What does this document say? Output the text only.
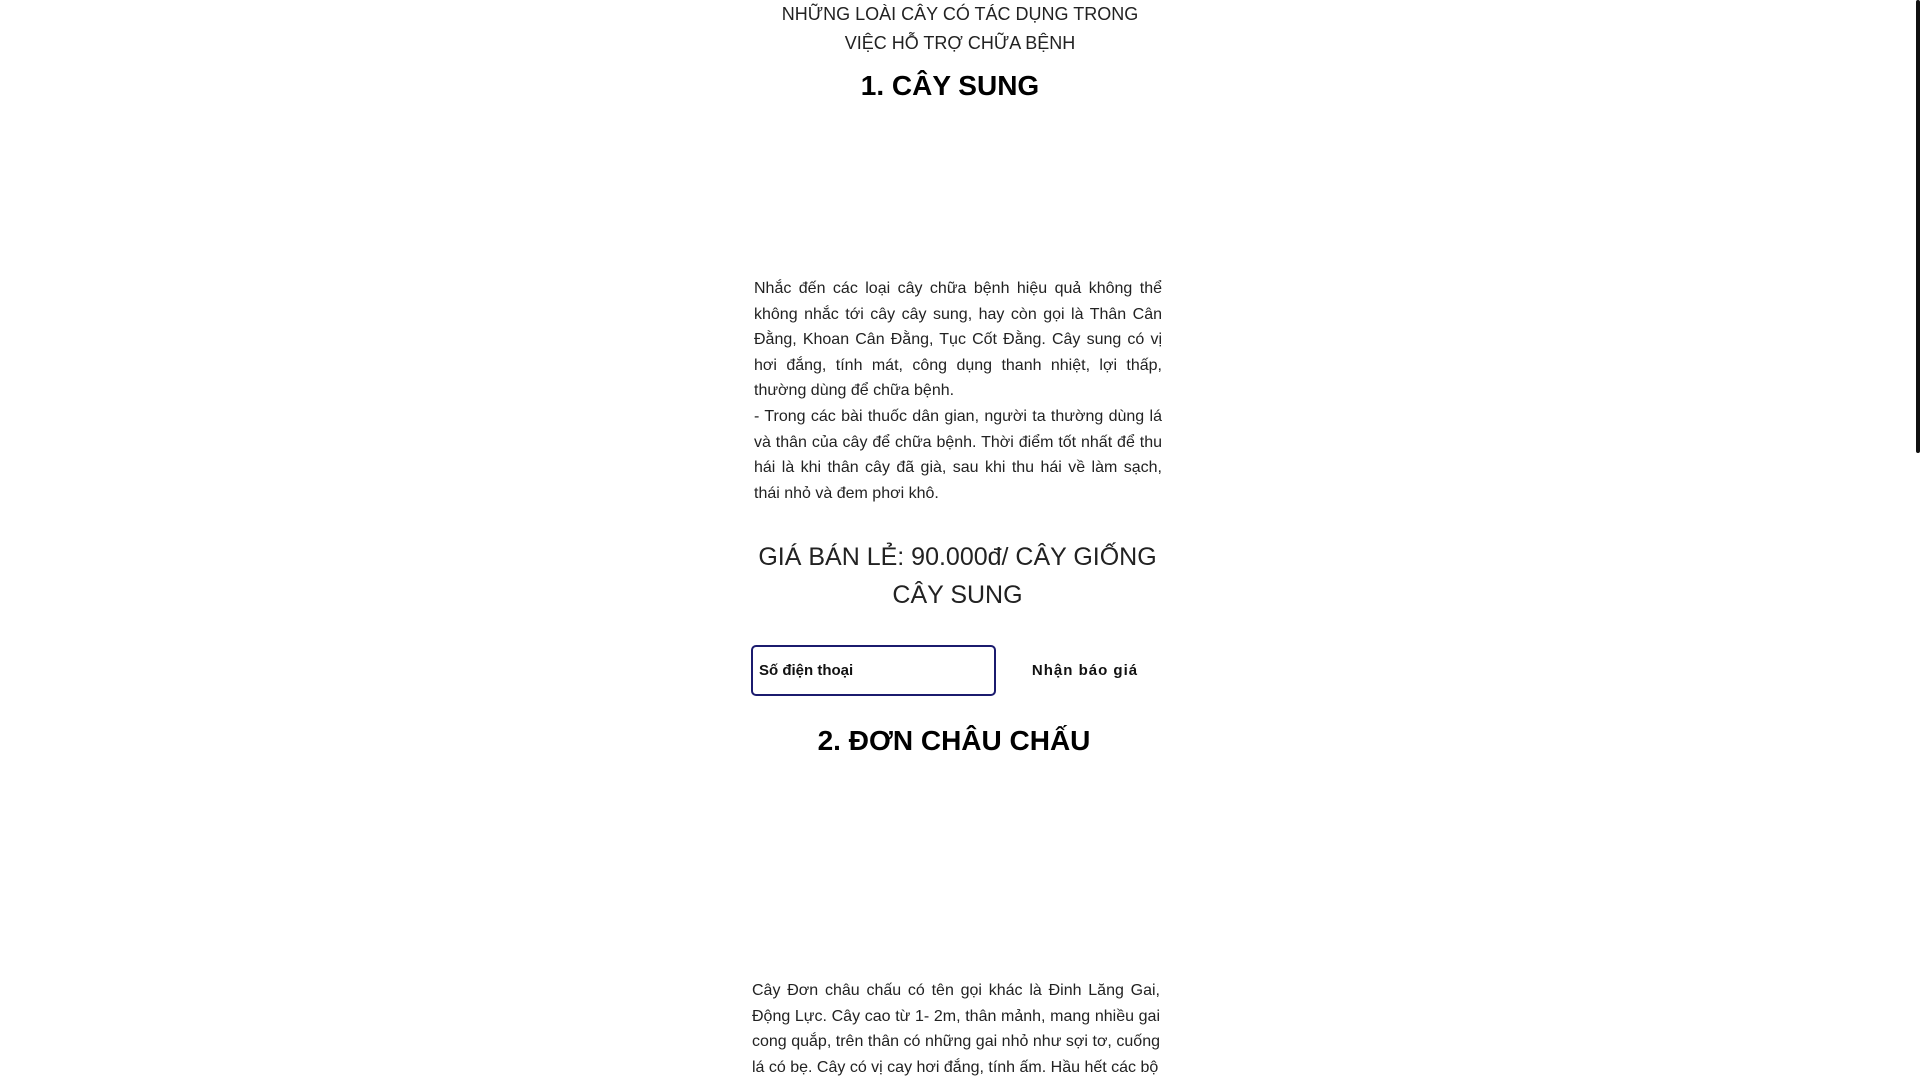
NHỮNG LOÀI CÂY CÓ TÁC DỤNG TRONG VIỆC HỖ TRỢ CHỮA BỆNH
1. CÂY SUNG

Nhắc đến các loại cây chữa bệnh hiệu quả không thể không nhắc tới cây cây sung, hay còn gọi là Thân Cân Đằng, Khoan Cân Đằng, Tục Cốt Đằng. Cây sung có vị hơi đắng, tính mát, công dụng thanh nhiệt, lợi thấp, thường dùng để chữa bệnh.

- Trong các bài thuốc dân gian, người ta thường dùng lá và thân của cây để chữa bệnh. Thời điểm tốt nhất để thu hái là khi thân cây đã già, sau khi thu hái về làm sạch, thái nhỏ và đem phơi khô.

GIÁ BÁN LẺ: 90.000đ/ CÂY GIỐNG CÂY SUNG
Số điện thoại
Nhận báo giá
2. ĐƠN CHÂU CHẤU

Cây Đơn châu chấu có tên gọi khác là Đinh Lăng Gai, Động Lực. Cây cao từ 1- 2m, thân mảnh, mang nhiều gai cong quắp, trên thân có những gai nhỏ như sợi tơ, cuống lá có bẹ. Cây có vị cay hơi đắng, tính ấm. Hầu hết các bộ
